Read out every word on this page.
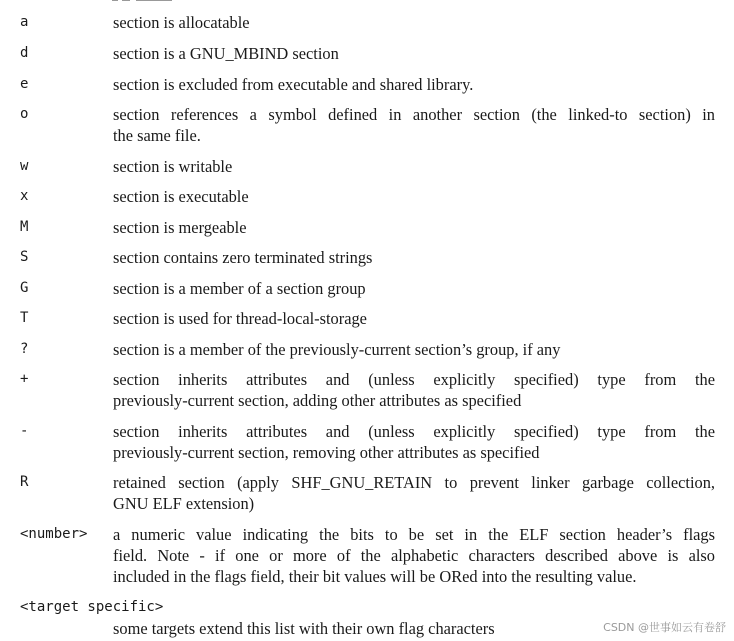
a	section is allocatable
d	section is a GNU_MBIND section
e	section is excluded from executable and shared library.
o	section references a symbol defined in another section (the linked-to section) in
the same file.
w	section is writable
x	section is executable
M	section is mergeable
S	section contains zero terminated strings
G	section is a member of a section group
T	section is used for thread-local-storage
?	section is a member of the previously-current section’s group, if any
+	section inherits attributes and (unless explicitly specified) type from the
previously-current section, adding other attributes as specified
-	section inherits attributes and (unless explicitly specified) type from the
previously-current section, removing other attributes as specified
R	retained section (apply SHF_GNU_RETAIN to prevent linker garbage collection,
GNU ELF extension)
<number> a numeric value indicating the bits to be set in the ELF section header’s flags
field. Note - if one or more of the alphabetic characters described above is also
included in the flags field, their bit values will be ORed into the resulting value.
<target specific>
some targets extend this list with their own flag characters	CSDN @世事如云有卷舒
